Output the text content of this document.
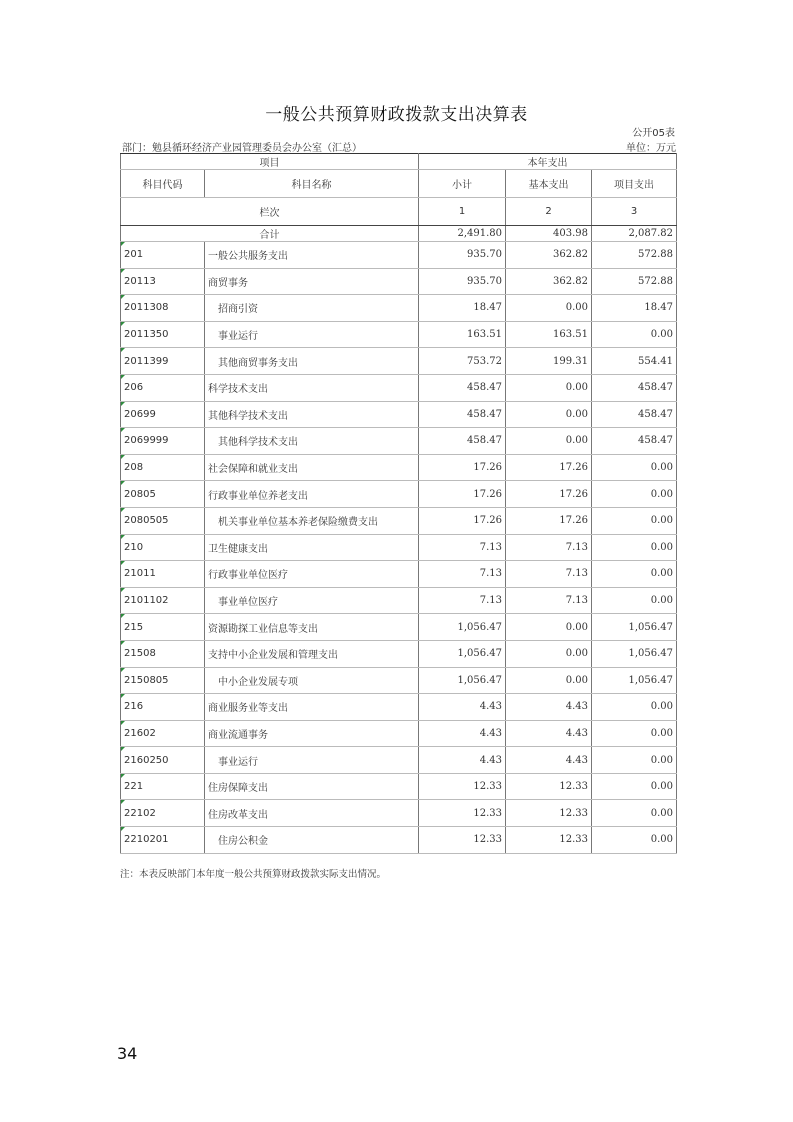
一般公共预算财政拨款支出决算表
公开05表
部门：勉县循环经济产业园管理委员会办公室（汇总）	单位：万元
项目		本年支出		
科目代码	科目名称	小计	基本支出	项目支出
栏次		1	2	3
合计		2,491.80	403.98	2,087.82
201	一般公共服务支出	935.70	362.82	572.88
20113	商贸事务	935.70	362.82	572.88
2011308	招商引资	18.47	0.00	18.47
2011350	事业运行	163.51	163.51	0.00
2011399	其他商贸事务支出	753.72	199.31	554.41
206	科学技术支出	458.47	0.00	458.47
20699	其他科学技术支出	458.47	0.00	458.47
2069999	其他科学技术支出	458.47	0.00	458.47
208	社会保障和就业支出	17.26	17.26	0.00
20805	行政事业单位养老支出	17.26	17.26	0.00
2080505	机关事业单位基本养老保险缴费支出	17.26	17.26	0.00
210	卫生健康支出	7.13	7.13	0.00
21011	行政事业单位医疗	7.13	7.13	0.00
2101102	事业单位医疗	7.13	7.13	0.00
215	资源勘探工业信息等支出	1,056.47	0.00	1,056.47
21508	支持中小企业发展和管理支出	1,056.47	0.00	1,056.47
2150805	中小企业发展专项	1,056.47	0.00	1,056.47
216	商业服务业等支出	4.43	4.43	0.00
21602	商业流通事务	4.43	4.43	0.00
2160250	事业运行	4.43	4.43	0.00
221	住房保障支出	12.33	12.33	0.00
22102	住房改革支出	12.33	12.33	0.00
2210201	住房公积金	12.33	12.33	0.00
注：本表反映部门本年度一般公共预算财政拨款实际支出情况。
34
